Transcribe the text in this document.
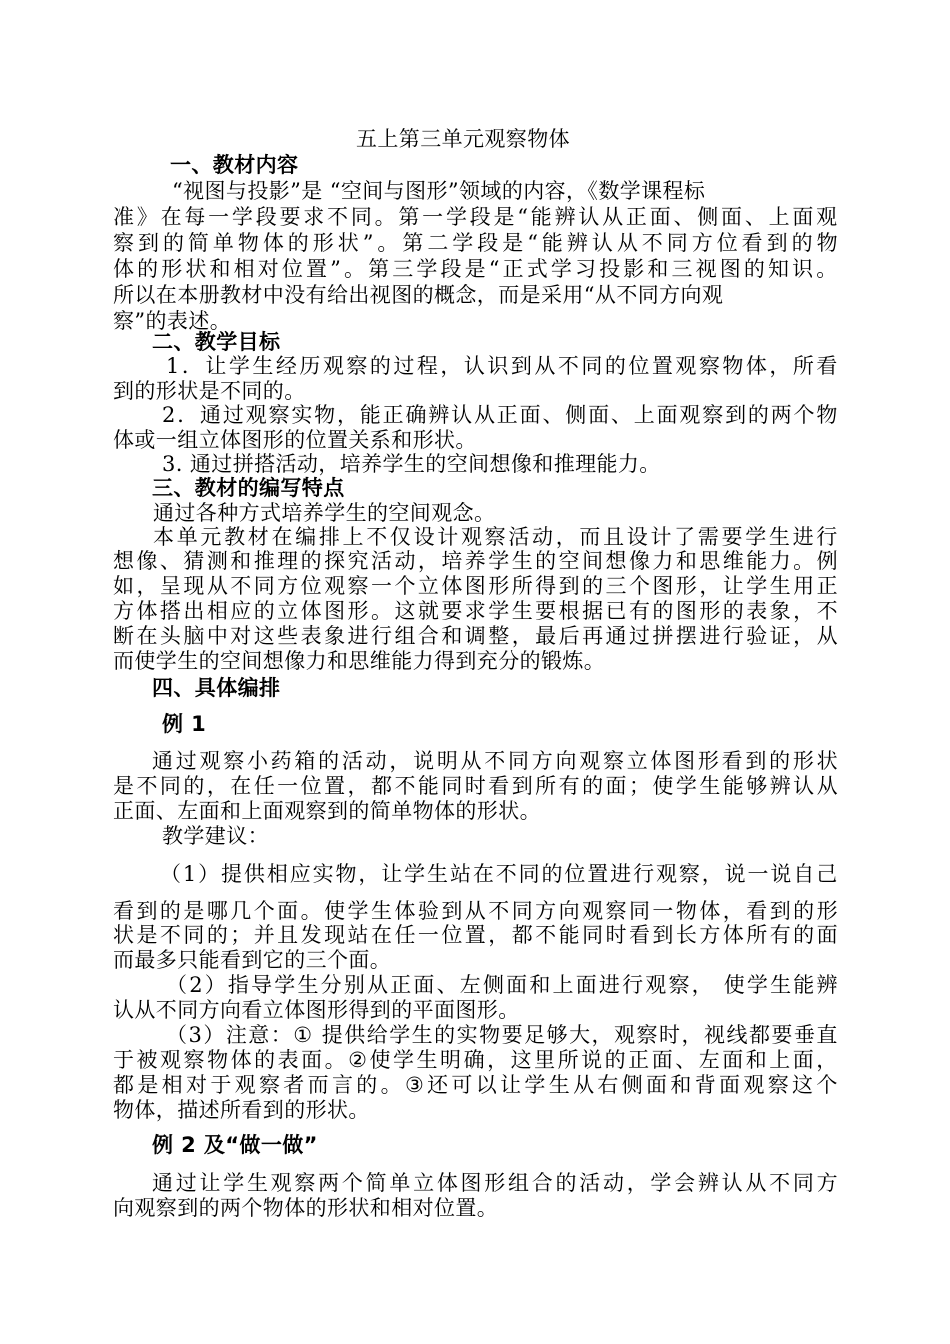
五上第三单元观察物体
一、教材内容
“视图与投影”是 “空间与图形”领域的内容，《数学课程标
准 》 在 每 一 学 段 要 求 不 同 。 第 一 学 段 是 “ 能 辨 认 从 正 面 、 侧 面 、 上 面 观
察 到 的 简 单 物 体 的 形 状 ” 。 第 二 学 段 是 “ 能 辨 认 从 不 同 方 位 看 到 的 物
体 的 形 状 和 相 对 位 置 ” 。 第 三 学 段 是 “ 正 式 学 习 投 影 和 三 视 图 的 知 识 。
所以在本册教材中没有给出视图的概念，而是采用“从不同方向观
察”的表述。
二、教学目标
1 ． 让 学 生 经 历 观 察 的 过 程 ， 认 识 到 从 不 同 的 位 置 观 察 物 体 ， 所 看
到的形状是不同的。
2 ． 通 过 观 察 实 物 ， 能 正 确 辨 认 从 正 面 、 侧 面 、 上 面 观 察 到 的 两 个 物
体或一组立体图形的位置关系和形状。
3. 通过拼搭活动，培养学生的空间想像和推理能力。
三、教材的编写特点
通过各种方式培养学生的空间观念。
本 单 元 教 材 在 编 排 上 不 仅 设 计 观 察 活 动 ， 而 且 设 计 了 需 要 学 生 进 行
想 像 、 猜 测 和 推 理 的 探 究 活 动 ， 培 养 学 生 的 空 间 想 像 力 和 思 维 能 力 。 例
如 ， 呈 现 从 不 同 方 位 观 察 一 个 立 体 图 形 所 得 到 的 三 个 图 形 ， 让 学 生 用 正
方 体 搭 出 相 应 的 立 体 图 形 。 这 就 要 求 学 生 要 根 据 已 有 的 图 形 的 表 象 ， 不
断 在 头 脑 中 对 这 些 表 象 进 行 组 合 和 调 整 ， 最 后 再 通 过 拼 摆 进 行 验 证 ， 从
而使学生的空间想像力和思维能力得到充分的锻炼。
四、具体编排
例 1
通 过 观 察 小 药 箱 的 活 动 ， 说 明 从 不 同 方 向 观 察 立 体 图 形 看 到 的 形 状
是 不 同 的 ， 在 任 一 位 置 ， 都 不 能 同 时 看 到 所 有 的 面 ； 使 学 生 能 够 辨 认 从
正面、左面和上面观察到的简单物体的形状。
教学建议：
（ 1 ） 提 供 相 应 实 物 ， 让 学 生 站 在 不 同 的 位 置 进 行 观 察 ， 说 一 说 自 己
看 到 的 是 哪 几 个 面 。 使 学 生 体 验 到 从 不 同 方 向 观 察 同 一 物 体 ， 看 到 的 形
状 是 不 同 的 ； 并 且 发 现 站 在 任 一 位 置 ， 都 不 能 同 时 看 到 长 方 体 所 有 的 面
而最多只能看到它的三个面。
（ 2 ） 指 导 学 生 分 别 从 正 面 、 左 侧 面 和 上 面 进 行 观 察 ，
使 学 生 能 辨
认从不同方向看立体图形得到的平面图形。
（ 3 ） 注 意 ： ①
提 供 给 学 生 的 实 物 要 足 够 大 ， 观 察 时 ， 视 线 都 要 垂 直
于 被 观 察 物 体 的 表 面 。 ② 使 学 生 明 确 ， 这 里 所 说 的 正 面 、 左 面 和 上 面 ，
都 是 相 对 于 观 察 者 而 言 的 。 ③ 还 可 以 让 学 生 从 右 侧 面 和 背 面 观 察 这 个
物体，描述所看到的形状。
例 2 及“做一做”
通 过 让 学 生 观 察 两 个 简 单 立 体 图 形 组 合 的 活 动 ， 学 会 辨 认 从 不 同 方
向观察到的两个物体的形状和相对位置。
